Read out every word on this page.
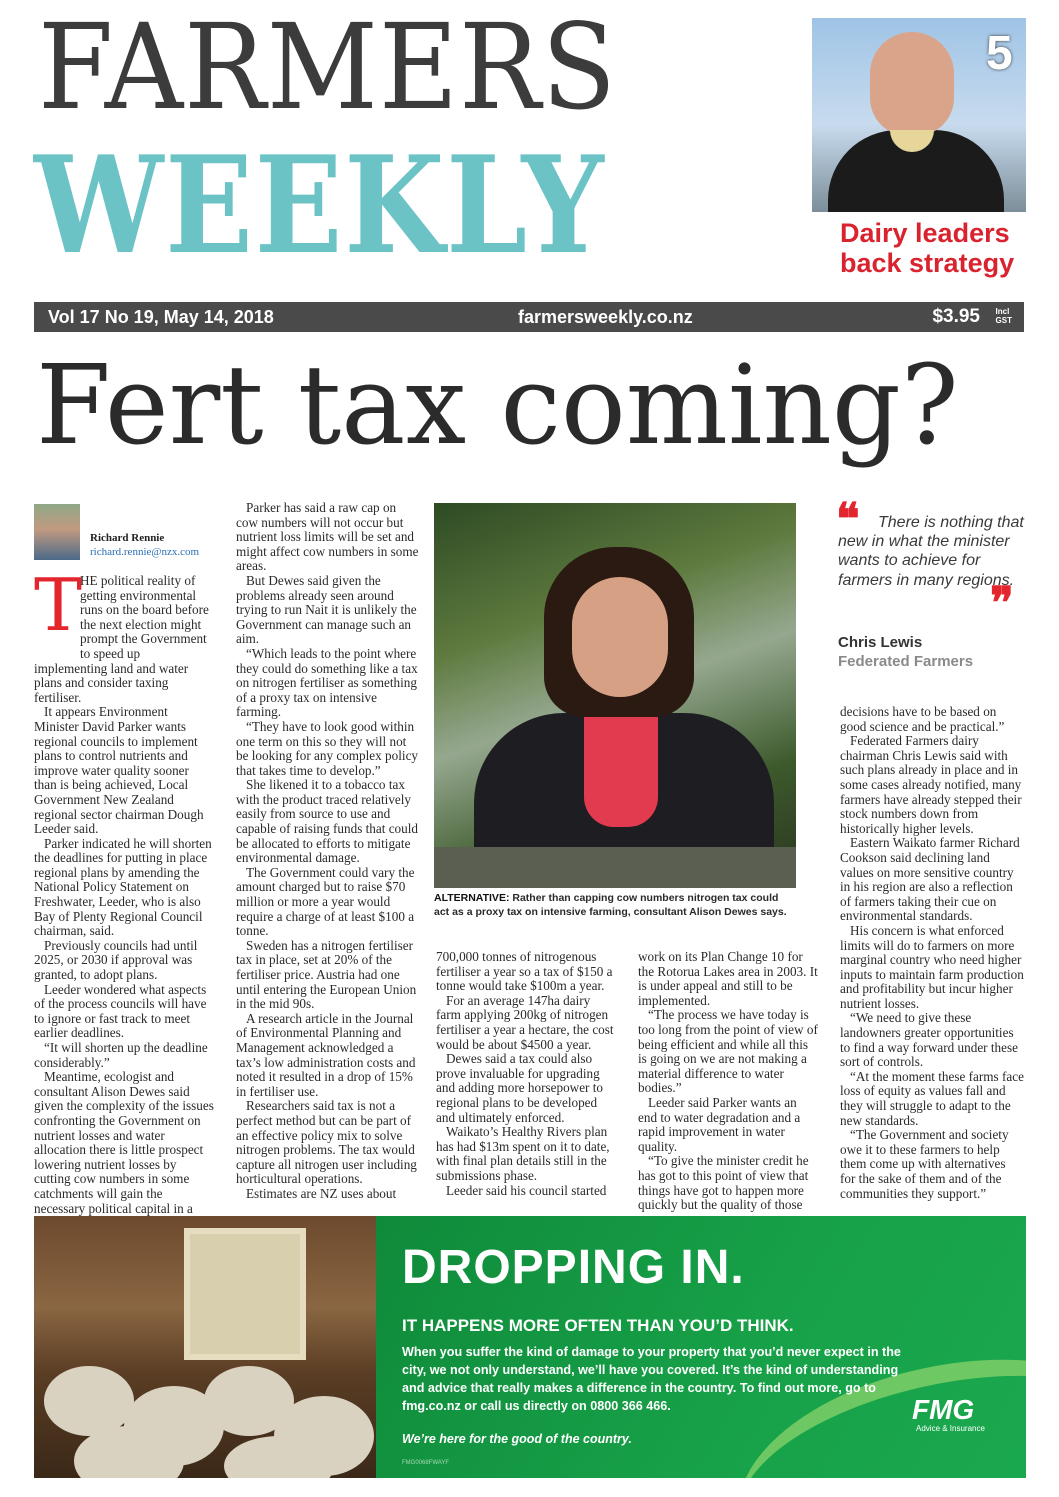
FARMERS
WEEKLY
5
Dairy leaders back strategy
Vol 17 No 19, May 14, 2018	farmersweekly.co.nz	$3.95 Incl
GST
Fert tax coming?
Richard Rennie
richard.rennie@nzx.com
T

HE political reality of getting environmental runs on the board before the next election might prompt the Government to speed up implementing land and water plans and consider taxing fertiliser.

It appears Environment Minister David Parker wants regional councils to implement plans to control nutrients and improve water quality sooner than is being achieved, Local Government New Zealand regional sector chairman Dough Leeder said.

Parker indicated he will shorten the deadlines for putting in place regional plans by amending the National Policy Statement on Freshwater, Leeder, who is also Bay of Plenty Regional Council chairman, said.

Previously councils had until 2025, or 2030 if approval was granted, to adopt plans.

Leeder wondered what aspects of the process councils will have to ignore or fast track to meet earlier deadlines.

“It will shorten up the deadline considerably.”

Meantime, ecologist and consultant Alison Dewes said given the complexity of the issues confronting the Government on nutrient losses and water allocation there is little prospect lowering nutrient losses by cutting cow numbers in some catchments will gain the necessary political capital in a

Parker has said a raw cap on cow numbers will not occur but nutrient loss limits will be set and might affect cow numbers in some areas.

But Dewes said given the problems already seen around trying to run Nait it is unlikely the Government can manage such an aim.

“Which leads to the point where they could do something like a tax on nitrogen fertiliser as something of a proxy tax on intensive farming.

“They have to look good within one term on this so they will not be looking for any complex policy that takes time to develop.”

She likened it to a tobacco tax with the product traced relatively easily from source to use and capable of raising funds that could be allocated to efforts to mitigate environmental damage.

The Government could vary the amount charged but to raise $70 million or more a year would require a charge of at least $100 a tonne.

Sweden has a nitrogen fertiliser tax in place, set at 20% of the fertiliser price. Austria had one until entering the European Union in the mid 90s.

A research article in the Journal of Environmental Planning and Management acknowledged a tax’s low administration costs and noted it resulted in a drop of 15% in fertiliser use.

Researchers said tax is not a perfect method but can be part of an effective policy mix to solve nitrogen problems. The tax would capture all nitrogen user including horticultural operations.

Estimates are NZ uses about

ALTERNATIVE: Rather than capping cow numbers nitrogen tax could act as a proxy tax on intensive farming, consultant Alison Dewes says.

700,000 tonnes of nitrogenous fertiliser a year so a tax of $150 a tonne would take $100m a year.

For an average 147ha dairy farm applying 200kg of nitrogen fertiliser a year a hectare, the cost would be about $4500 a year.

Dewes said a tax could also prove invaluable for upgrading and adding more horsepower to regional plans to be developed and ultimately enforced.

Waikato’s Healthy Rivers plan has had $13m spent on it to date, with final plan details still in the submissions phase.

Leeder said his council started

work on its Plan Change 10 for the Rotorua Lakes area in 2003. It is under appeal and still to be implemented.

“The process we have today is too long from the point of view of being efficient and while all this is going on we are not making a material difference to water bodies.”

Leeder said Parker wants an end to water degradation and a rapid improvement in water quality.

“To give the minister credit he has got to this point of view that things have got to happen more quickly but the quality of those

❝	There is nothing that new in what the minister wants to achieve for farmers in many regions.
❞
Chris Lewis
Federated Farmers

decisions have to be based on good science and be practical.”

Federated Farmers dairy chairman Chris Lewis said with such plans already in place and in some cases already notified, many farmers have already stepped their stock numbers down from historically higher levels.

Eastern Waikato farmer Richard Cookson said declining land values on more sensitive country in his region are also a reflection of farmers taking their cue on environmental standards.

His concern is what enforced limits will do to farmers on more marginal country who need higher inputs to maintain farm production and profitability but incur higher nutrient losses.

“We need to give these landowners greater opportunities to find a way forward under these sort of controls.

“At the moment these farms face loss of equity as values fall and they will struggle to adapt to the new standards.

“The Government and society owe it to these farmers to help them come up with alternatives for the sake of them and of the communities they support.”

DROPPING IN.
IT HAPPENS MORE OFTEN THAN YOU’D THINK.
When you suffer the kind of damage to your property that you’d never expect in the city, we not only understand, we’ll have you covered. It’s the kind of understanding and advice that really makes a difference in the country. To find out more, go to fmg.co.nz or call us directly on 0800 366 466.
We’re here for the good of the country.
FMG0068FWAYF
FMG
Advice & Insurance
